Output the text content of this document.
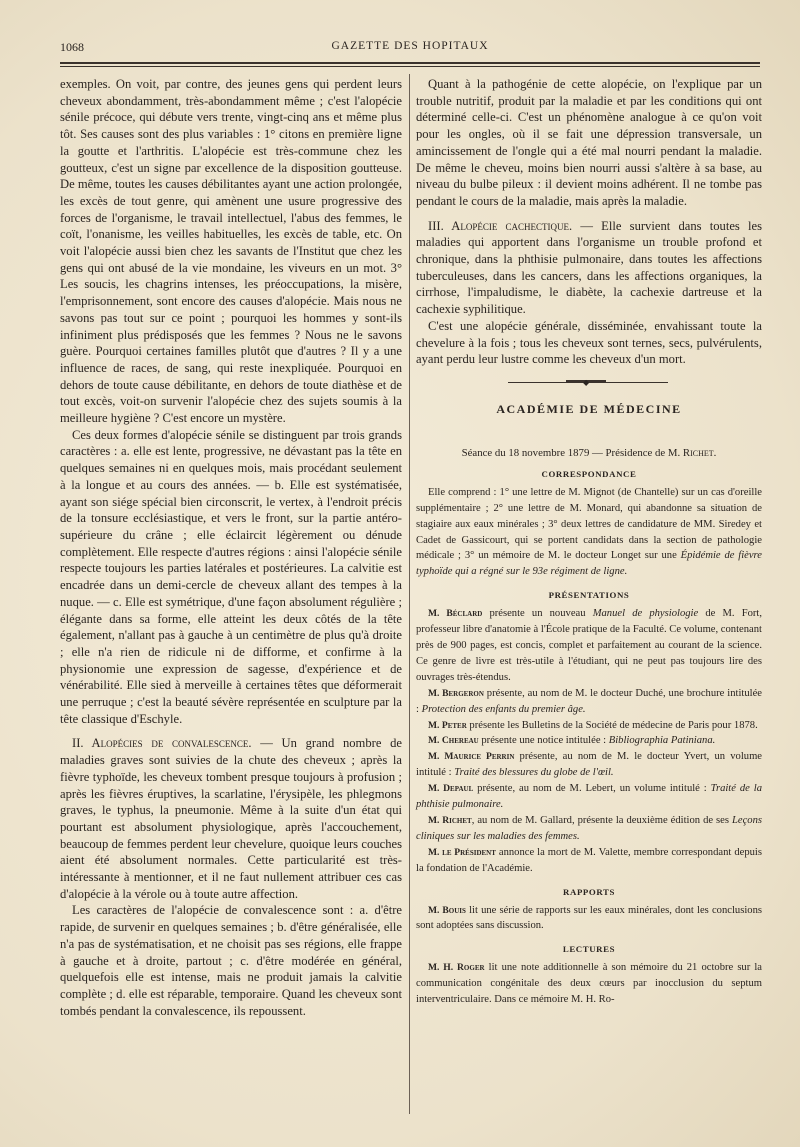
1068	GAZETTE DES HOPITAUX

exemples. On voit, par contre, des jeunes gens qui perdent leurs cheveux abondamment, très-abondamment même ; c'est l'alopécie sénile précoce, qui débute vers trente, vingt-cinq ans et même plus tôt. Ses causes sont des plus variables : 1° citons en première ligne la goutte et l'arthritis. L'alopécie est très-commune chez les goutteux, c'est un signe par excellence de la disposition goutteuse. De même, toutes les causes débilitantes ayant une action prolongée, les excès de tout genre, qui amènent une usure progressive des forces de l'organisme, le travail intellectuel, l'abus des femmes, le coït, l'onanisme, les veilles habituelles, les excès de table, etc. On voit l'alopécie aussi bien chez les savants de l'Institut que chez les gens qui ont abusé de la vie mondaine, les viveurs en un mot. 3° Les soucis, les chagrins intenses, les préoccupations, la misère, l'emprisonnement, sont encore des causes d'alopécie. Mais nous ne savons pas tout sur ce point ; pourquoi les hommes y sont-ils infiniment plus prédisposés que les femmes ? Nous ne le savons guère. Pourquoi certaines familles plutôt que d'autres ? Il y a une influence de races, de sang, qui reste inexpliquée. Pourquoi en dehors de toute cause débilitante, en dehors de toute diathèse et de tout excès, voit-on survenir l'alopécie chez des sujets soumis à la meilleure hygiène ? C'est encore un mystère.

Ces deux formes d'alopécie sénile se distinguent par trois grands caractères : a. elle est lente, progressive, ne dévastant pas la tête en quelques semaines ni en quelques mois, mais procédant seulement à la longue et au cours des années. — b. Elle est systématisée, ayant son siége spécial bien circonscrit, le vertex, à l'endroit précis de la tonsure ecclésiastique, et vers le front, sur la partie antéro-supérieure du crâne ; elle éclaircit légèrement ou dénude complètement. Elle respecte d'autres régions : ainsi l'alopécie sénile respecte toujours les parties latérales et postérieures. La calvitie est encadrée dans un demi-cercle de cheveux allant des tempes à la nuque. — c. Elle est symétrique, d'une façon absolument régulière ; élégante dans sa forme, elle atteint les deux côtés de la tête également, n'allant pas à gauche à un centimètre de plus qu'à droite ; elle n'a rien de ridicule ni de difforme, et confirme à la physionomie une expression de sagesse, d'expérience et de vénérabilité. Elle sied à merveille à certaines têtes que déformerait une perruque ; c'est la beauté sévère représentée en sculpture par la tête classique d'Eschyle.

II. Alopécies de convalescence. — Un grand nombre de maladies graves sont suivies de la chute des cheveux ; après la fièvre typhoïde, les cheveux tombent presque toujours à profusion ; après les fièvres éruptives, la scarlatine, l'érysipèle, les phlegmons graves, le typhus, la pneumonie. Même à la suite d'un état qui pourtant est absolument physiologique, après l'accouchement, beaucoup de femmes perdent leur chevelure, quoique leurs couches aient été absolument normales. Cette particularité est très-intéressante à mentionner, et il ne faut nullement attribuer ces cas d'alopécie à la vérole ou à toute autre affection.

Les caractères de l'alopécie de convalescence sont : a. d'être rapide, de survenir en quelques semaines ; b. d'être généralisée, elle n'a pas de systématisation, et ne choisit pas ses régions, elle frappe à gauche et à droite, partout ; c. d'être modérée en général, quelquefois elle est intense, mais ne produit jamais la calvitie complète ; d. elle est réparable, temporaire. Quand les cheveux sont tombés pendant la convalescence, ils repoussent.

Quant à la pathogénie de cette alopécie, on l'explique par un trouble nutritif, produit par la maladie et par les conditions qui ont déterminé celle-ci. C'est un phénomène analogue à ce qu'on voit pour les ongles, où il se fait une dépression transversale, un amincissement de l'ongle qui a été mal nourri pendant la maladie. De même le cheveu, moins bien nourri aussi s'altère à sa base, au niveau du bulbe pileux : il devient moins adhérent. Il ne tombe pas pendant le cours de la maladie, mais après la maladie.

III. Alopécie cachectique. — Elle survient dans toutes les maladies qui apportent dans l'organisme un trouble profond et chronique, dans la phthisie pulmonaire, dans toutes les affections tuberculeuses, dans les cancers, dans les affections organiques, la cirrhose, l'impaludisme, le diabète, la cachexie dartreuse et la cachexie syphilitique.

C'est une alopécie générale, disséminée, envahissant toute la chevelure à la fois ; tous les cheveux sont ternes, secs, pulvérulents, ayant perdu leur lustre comme les cheveux d'un mort.

◆
ACADÉMIE DE MÉDECINE
Séance du 18 novembre 1879 — Présidence de M. Richet.
CORRESPONDANCE

Elle comprend : 1° une lettre de M. Mignot (de Chantelle) sur un cas d'oreille supplémentaire ; 2° une lettre de M. Monard, qui abandonne sa situation de stagiaire aux eaux minérales ; 3° deux lettres de candidature de MM. Siredey et Cadet de Gassicourt, qui se portent candidats dans la section de pathologie médicale ; 3° un mémoire de M. le docteur Longet sur une Épidémie de fièvre typhoïde qui a régné sur le 93e régiment de ligne.

PRÉSENTATIONS

M. Béclard présente un nouveau Manuel de physiologie de M. Fort, professeur libre d'anatomie à l'École pratique de la Faculté. Ce volume, contenant près de 900 pages, est concis, complet et parfaitement au courant de la science. Ce genre de livre est très-utile à l'étudiant, qui ne peut pas toujours lire des ouvrages très-étendus.

M. Bergeron présente, au nom de M. le docteur Duché, une brochure intitulée : Protection des enfants du premier âge.

M. Peter présente les Bulletins de la Société de médecine de Paris pour 1878.

M. Chereau présente une notice intitulée : Bibliographia Patiniana.

M. Maurice Perrin présente, au nom de M. le docteur Yvert, un volume intitulé : Traité des blessures du globe de l'œil.

M. Depaul présente, au nom de M. Lebert, un volume intitulé : Traité de la phthisie pulmonaire.

M. Richet, au nom de M. Gallard, présente la deuxième édition de ses Leçons cliniques sur les maladies des femmes.

M. le Président annonce la mort de M. Valette, membre correspondant depuis la fondation de l'Académie.

RAPPORTS

M. Bouis lit une série de rapports sur les eaux minérales, dont les conclusions sont adoptées sans discussion.

LECTURES

M. H. Roger lit une note additionnelle à son mémoire du 21 octobre sur la communication congénitale des deux cœurs par inocclusion du septum interventriculaire. Dans ce mémoire M. H. Ro-
